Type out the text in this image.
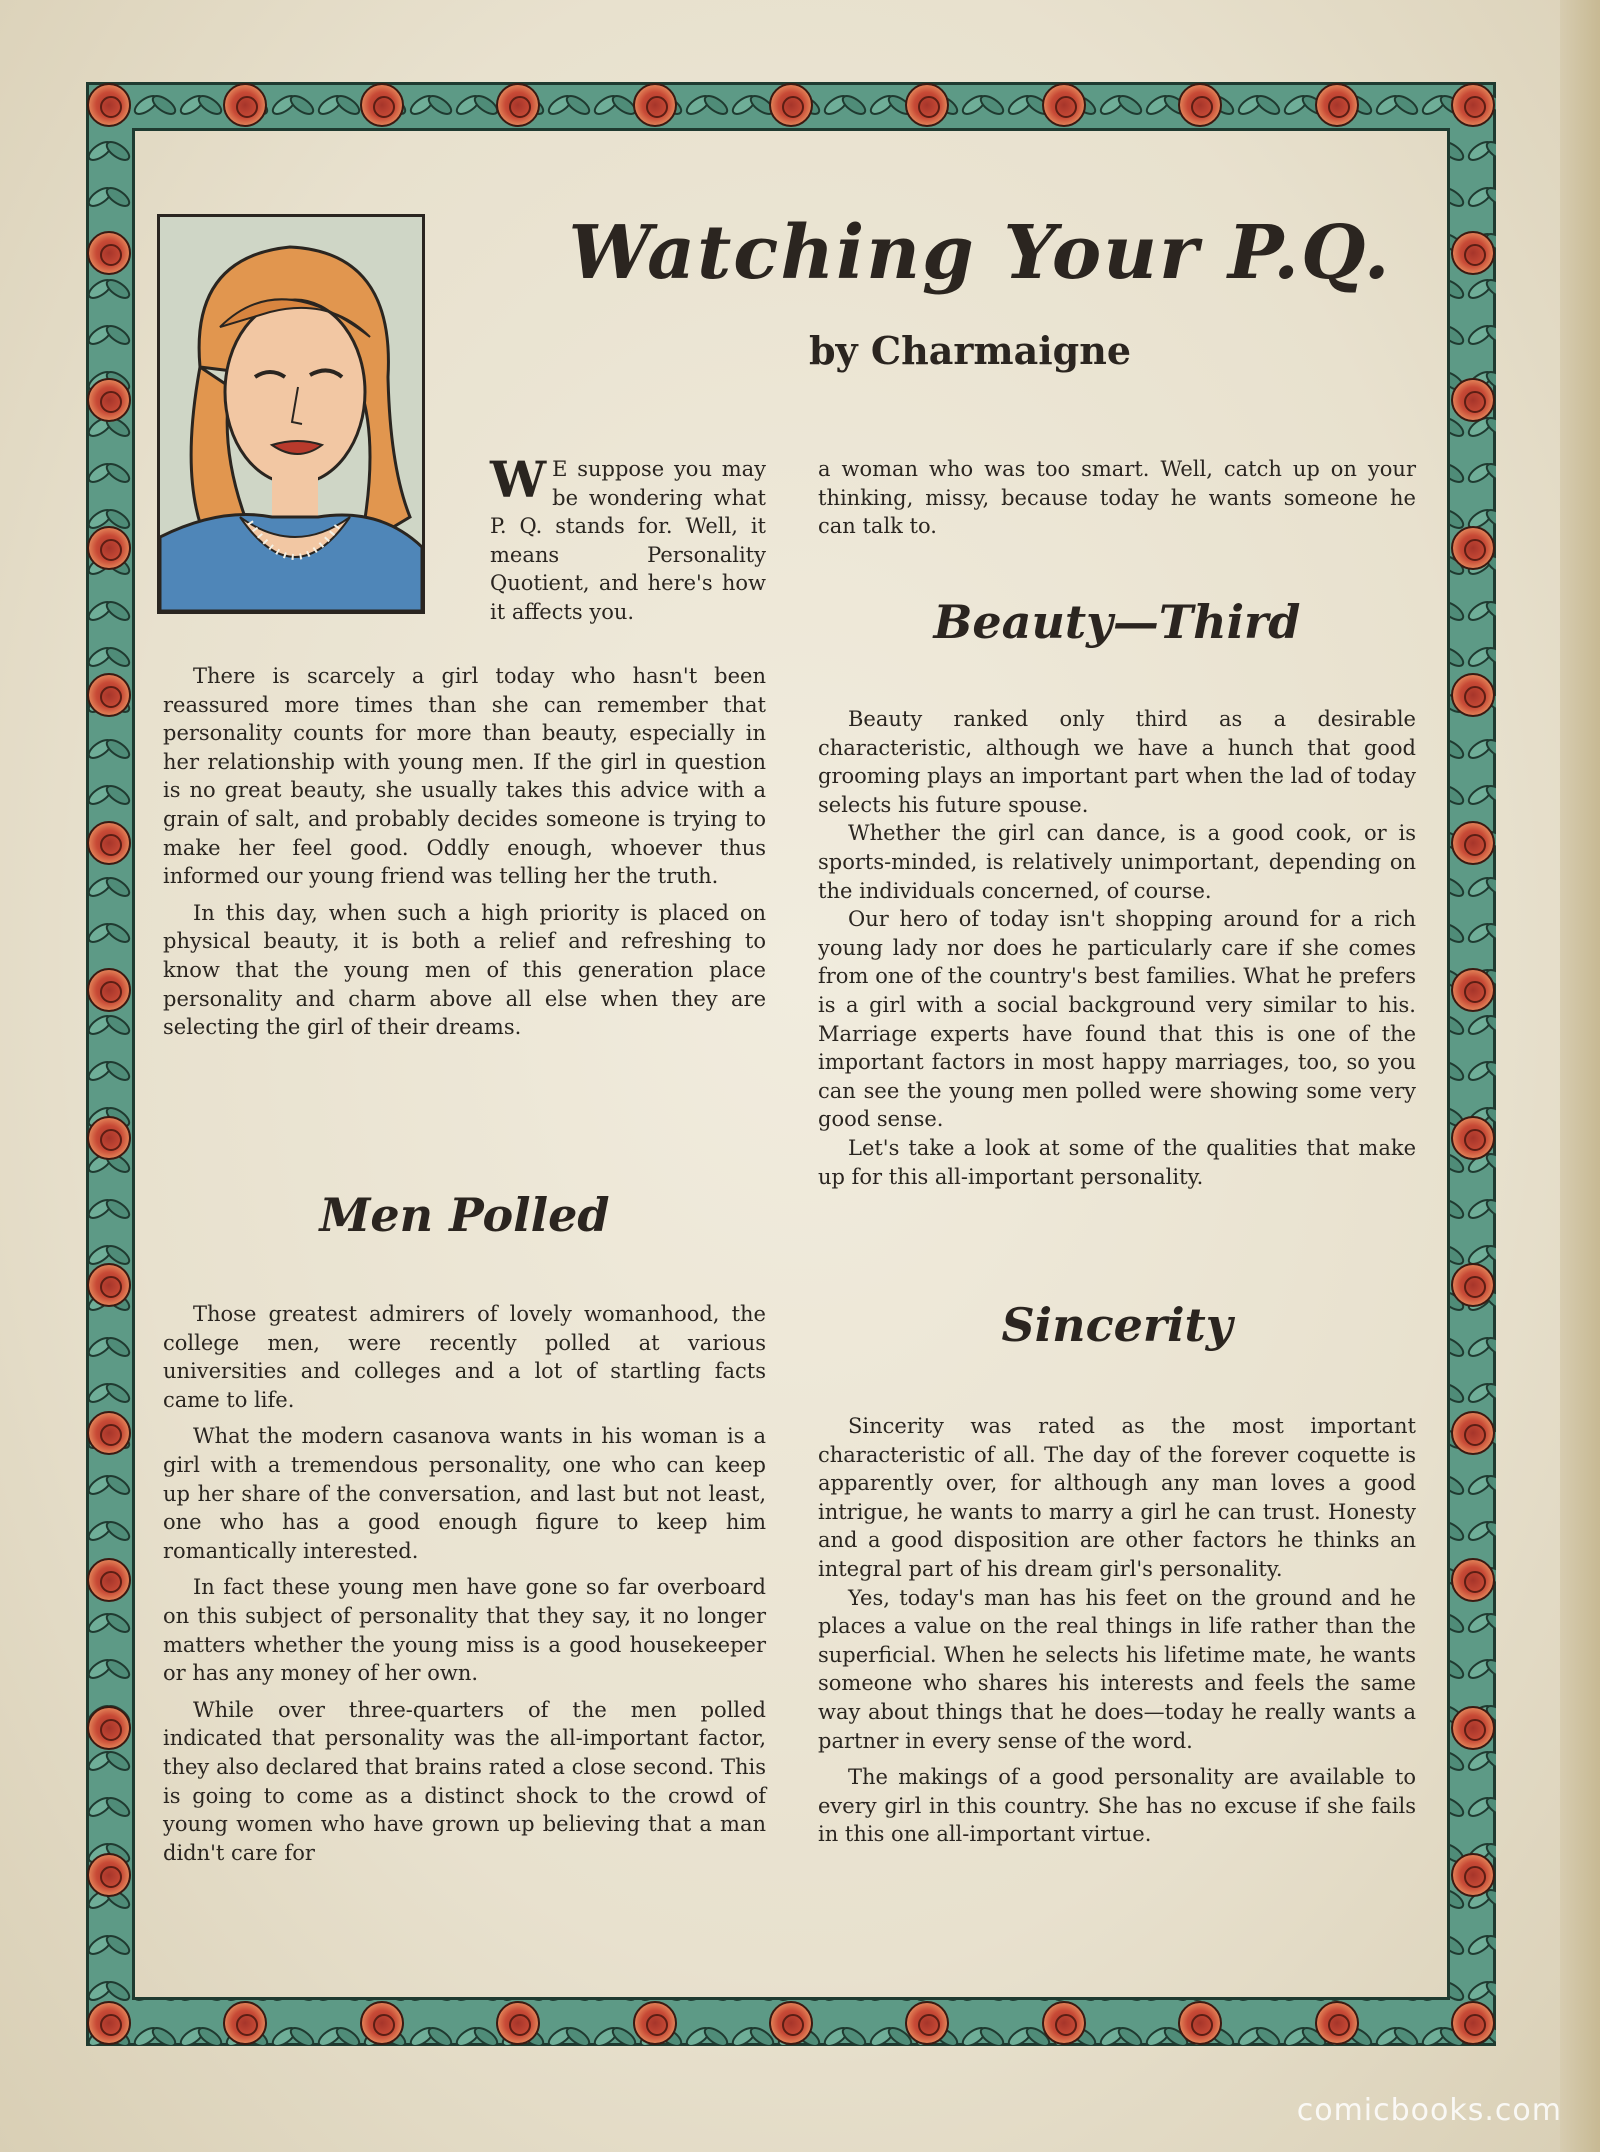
Watching Your P.Q.
by Charmaigne

W E suppose you may be wondering what P. Q. stands for. Well, it means Personality Quotient, and here's how it affects you.

There is scarcely a girl today who hasn't been reassured more times than she can remember that personality counts for more than beauty, especially in her relationship with young men. If the girl in question is no great beauty, she usually takes this advice with a grain of salt, and probably decides someone is trying to make her feel good. Oddly enough, whoever thus informed our young friend was telling her the truth.

In this day, when such a high priority is placed on physical beauty, it is both a relief and refreshing to know that the young men of this generation place personality and charm above all else when they are selecting the girl of their dreams.

Men Polled

Those greatest admirers of lovely womanhood, the college men, were recently polled at various universities and colleges and a lot of startling facts came to life.

What the modern casanova wants in his woman is a girl with a tremendous personality, one who can keep up her share of the conversation, and last but not least, one who has a good enough figure to keep him romantically interested.

In fact these young men have gone so far overboard on this subject of personality that they say, it no longer matters whether the young miss is a good housekeeper or has any money of her own.

While over three-quarters of the men polled indicated that personality was the all-important factor, they also declared that brains rated a close second. This is going to come as a distinct shock to the crowd of young women who have grown up believing that a man didn't care for

a woman who was too smart. Well, catch up on your thinking, missy, because today he wants someone he can talk to.

Beauty—Third

Beauty ranked only third as a desirable characteristic, although we have a hunch that good grooming plays an important part when the lad of today selects his future spouse.

Whether the girl can dance, is a good cook, or is sports-minded, is relatively unimportant, depending on the individuals concerned, of course.

Our hero of today isn't shopping around for a rich young lady nor does he particularly care if she comes from one of the country's best families. What he prefers is a girl with a social background very similar to his. Marriage experts have found that this is one of the important factors in most happy marriages, too, so you can see the young men polled were showing some very good sense.

Let's take a look at some of the qualities that make up for this all-important personality.

Sincerity

Sincerity was rated as the most important characteristic of all. The day of the forever coquette is apparently over, for although any man loves a good intrigue, he wants to marry a girl he can trust. Honesty and a good disposition are other factors he thinks an integral part of his dream girl's personality.

Yes, today's man has his feet on the ground and he places a value on the real things in life rather than the superficial. When he selects his lifetime mate, he wants someone who shares his interests and feels the same way about things that he does—today he really wants a partner in every sense of the word.

The makings of a good personality are available to every girl in this country. She has no excuse if she fails in this one all-important virtue.

comicbooks.com
